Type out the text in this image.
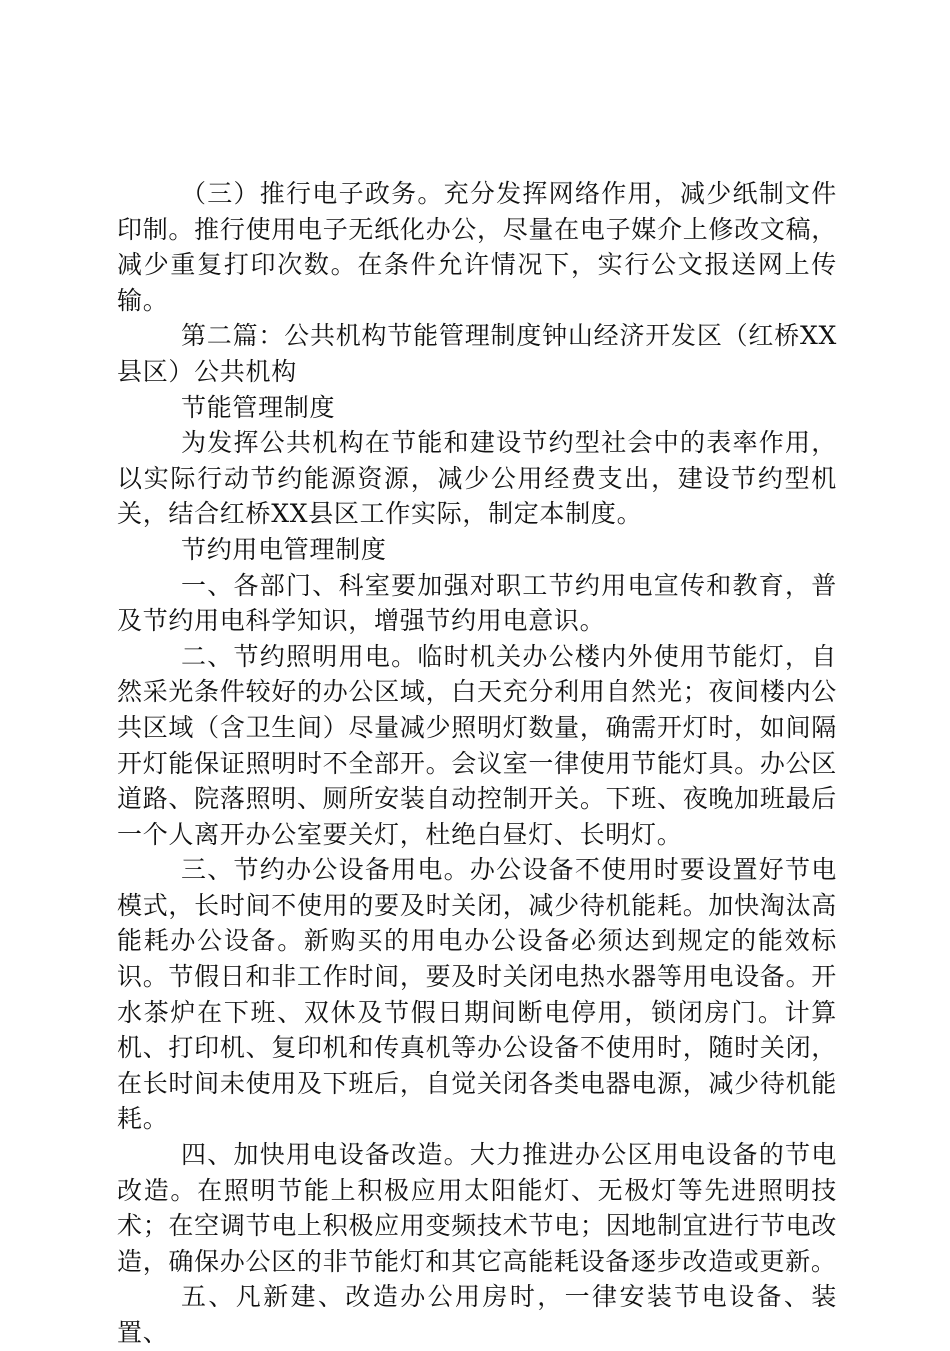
（三）推行电子政务。充分发挥网络作用，减少纸制文件印制。推行使用电子无纸化办公，尽量在电子媒介上修改文稿，减少重复打印次数。在条件允许情况下，实行公文报送网上传输。

第二篇：公共机构节能管理制度钟山经济开发区（红桥XX县区）公共机构

节能管理制度

为发挥公共机构在节能和建设节约型社会中的表率作用，以实际行动节约能源资源，减少公用经费支出，建设节约型机关，结合红桥XX县区工作实际，制定本制度。

节约用电管理制度

一、各部门、科室要加强对职工节约用电宣传和教育，普及节约用电科学知识，增强节约用电意识。

二、节约照明用电。临时机关办公楼内外使用节能灯，自然采光条件较好的办公区域，白天充分利用自然光；夜间楼内公共区域（含卫生间）尽量减少照明灯数量，确需开灯时，如间隔开灯能保证照明时不全部开。会议室一律使用节能灯具。办公区道路、院落照明、厕所安装自动控制开关。下班、夜晚加班最后一个人离开办公室要关灯，杜绝白昼灯、长明灯。

三、节约办公设备用电。办公设备不使用时要设置好节电模式，长时间不使用的要及时关闭，减少待机能耗。加快淘汰高能耗办公设备。新购买的用电办公设备必须达到规定的能效标识。节假日和非工作时间，要及时关闭电热水器等用电设备。开水茶炉在下班、双休及节假日期间断电停用，锁闭房门。计算机、打印机、复印机和传真机等办公设备不使用时，随时关闭，在长时间未使用及下班后，自觉关闭各类电器电源，减少待机能耗。

四、加快用电设备改造。大力推进办公区用电设备的节电改造。在照明节能上积极应用太阳能灯、无极灯等先进照明技术；在空调节电上积极应用变频技术节电；因地制宜进行节电改造，确保办公区的非节能灯和其它高能耗设备逐步改造或更新。

五、凡新建、改造办公用房时，一律安装节电设备、装置、
